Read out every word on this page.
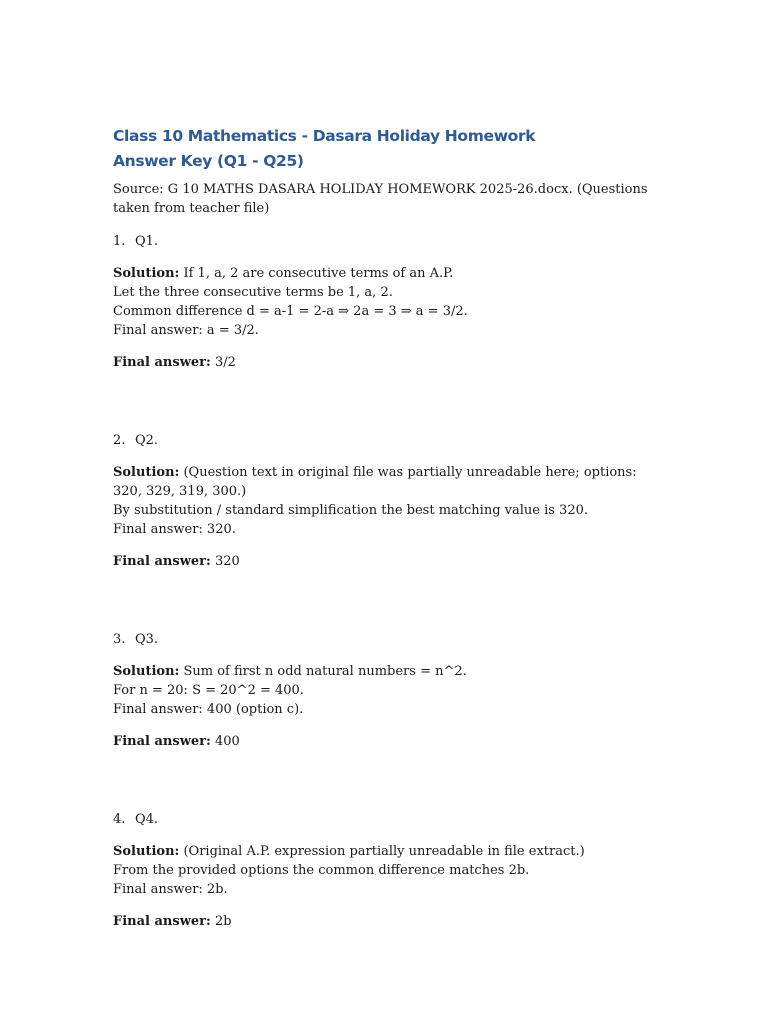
Class 10 Mathematics - Dasara Holiday Homework
Answer Key (Q1 - Q25)

Source: G 10 MATHS DASARA HOLIDAY HOMEWORK 2025-26.docx. (Questions taken from teacher file)

1. Q1.

Solution: If 1, a, 2 are consecutive terms of an A.P.

Let the three consecutive terms be 1, a, 2.

Common difference d = a-1 = 2-a ⇒ 2a = 3 ⇒ a = 3/2.

Final answer: a = 3/2.

Final answer: 3/2
2. Q2.

Solution: (Question text in original file was partially unreadable here; options: 320, 329, 319, 300.)

By substitution / standard simplification the best matching value is 320.

Final answer: 320.

Final answer: 320
3. Q3.

Solution: Sum of first n odd natural numbers = n^2.

For n = 20: S = 20^2 = 400.

Final answer: 400 (option c).

Final answer: 400
4. Q4.

Solution: (Original A.P. expression partially unreadable in file extract.)

From the provided options the common difference matches 2b.

Final answer: 2b.

Final answer: 2b
